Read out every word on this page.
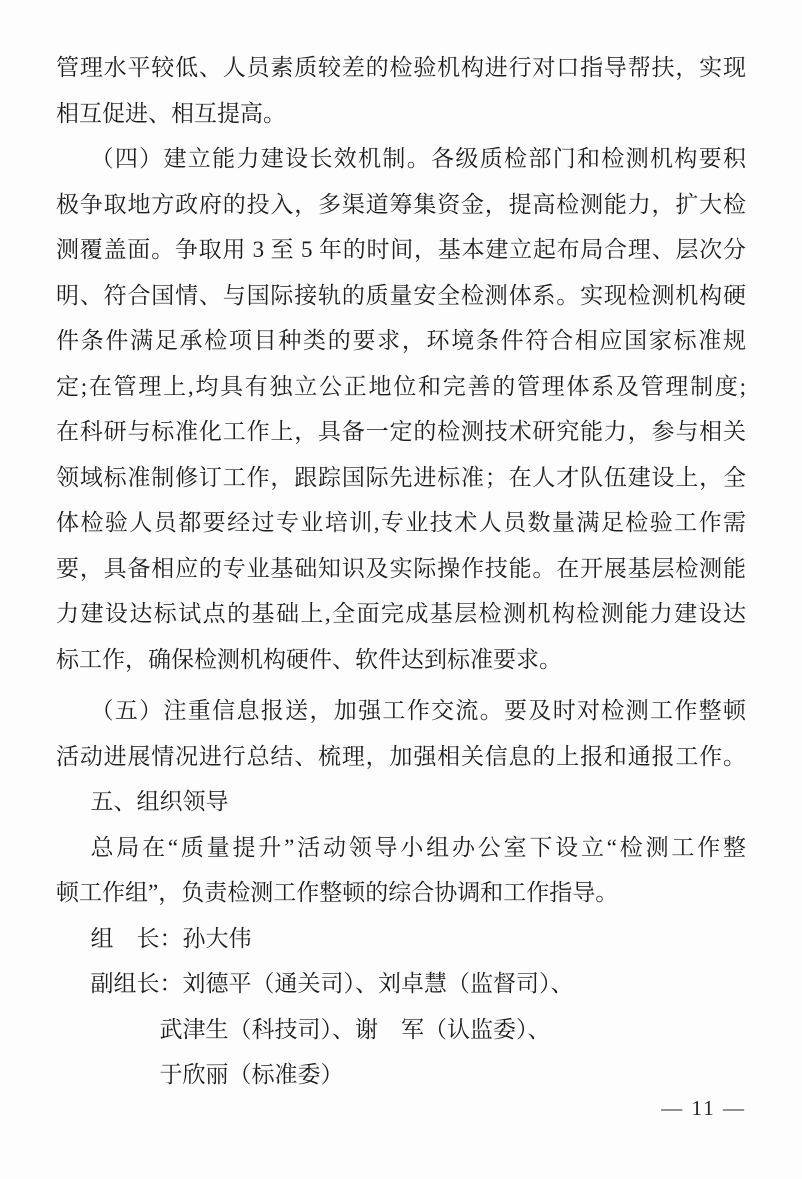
管理水平较低、人员素质较差的检验机构进行对口指导帮扶，实现
相互促进、相互提高。
（四）建立能力建设长效机制。各级质检部门和检测机构要积
极争取地方政府的投入，多渠道筹集资金，提高检测能力，扩大检
测覆盖面。争取用 3 至 5 年的时间，基本建立起布局合理、层次分
明、符合国情、与国际接轨的质量安全检测体系。实现检测机构硬
件条件满足承检项目种类的要求，环境条件符合相应国家标准规
定;在管理上,均具有独立公正地位和完善的管理体系及管理制度;
在科研与标准化工作上，具备一定的检测技术研究能力，参与相关
领域标准制修订工作，跟踪国际先进标准；在人才队伍建设上，全
体检验人员都要经过专业培训,专业技术人员数量满足检验工作需
要，具备相应的专业基础知识及实际操作技能。在开展基层检测能
力建设达标试点的基础上,全面完成基层检测机构检测能力建设达
标工作，确保检测机构硬件、软件达到标准要求。
（五）注重信息报送，加强工作交流。要及时对检测工作整顿
活动进展情况进行总结、梳理，加强相关信息的上报和通报工作。
五、组织领导
总局在“质量提升”活动领导小组办公室下设立“检测工作整
顿工作组”，负责检测工作整顿的综合协调和工作指导。
组　长：孙大伟
副组长：刘德平（通关司）、刘卓慧（监督司）、
武津生（科技司）、谢　军（认监委）、
于欣丽（标准委）
— 11 —
